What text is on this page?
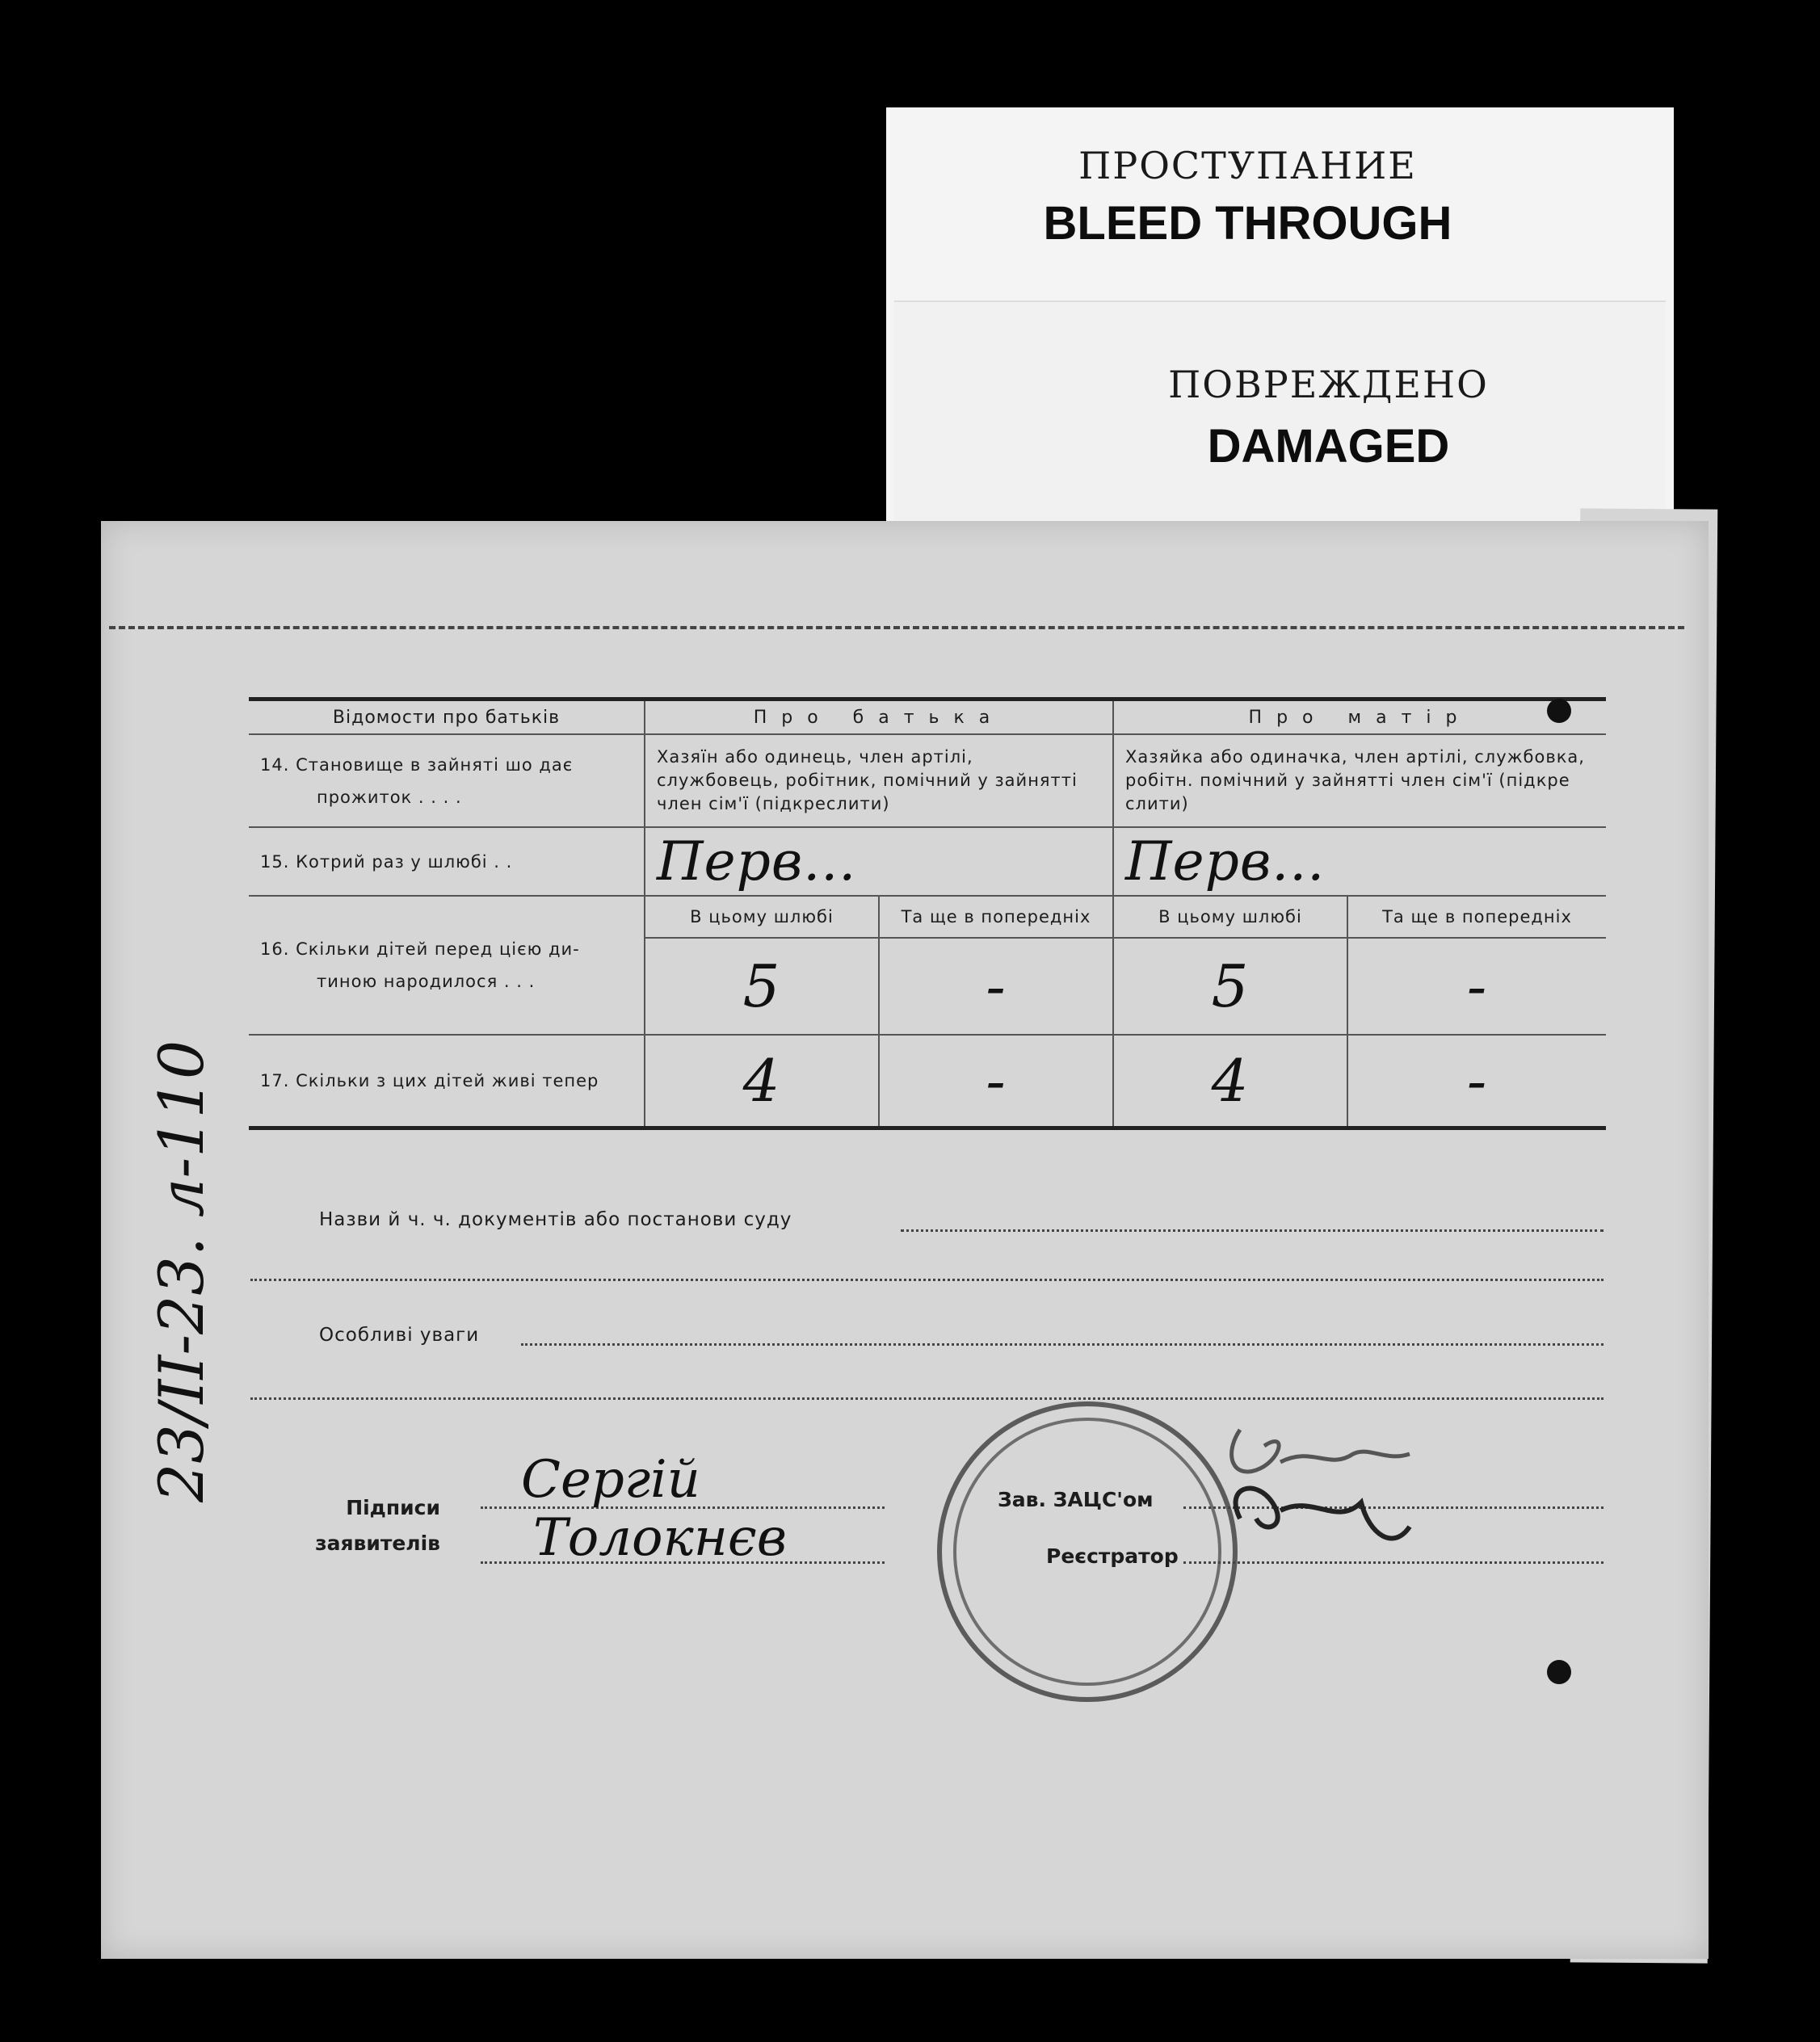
ПРОСТУПАНИЕ
BLEED THROUGH
ПОВРЕЖДЕНО
DAMAGED
Відомости про батьків	Про батька		Про матір	

14. Становище в зайняті шо дає
прожиток . . . .	Хазяїн або одинець, член артілі, службовець, робітник, помічний у зайнятті член сім'ї (підкреслити)		Хазяйка або одиначка, член артілі, службовка, робітн. помічний у зайнятті член сім'ї (підкре слити)	
15. Котрий раз у шлюбі . .	Перв...		Перв...	

16. Скільки дітей перед цією ди-
тиною народилося . . .	В цьому шлюбі	Та ще в попередніх	В цьому шлюбі	Та ще в попередніх
	5	-	5	-
17. Скільки з цих дітей живі тепер	4	-	4	-
Назви й ч. ч. документів або постанови суду
Особливі уваги
Підписи
заявителів
Сергій
Толокнєв
Зав. ЗАЦС'ом
Реєстратор
23/ІІ-23. л-110
